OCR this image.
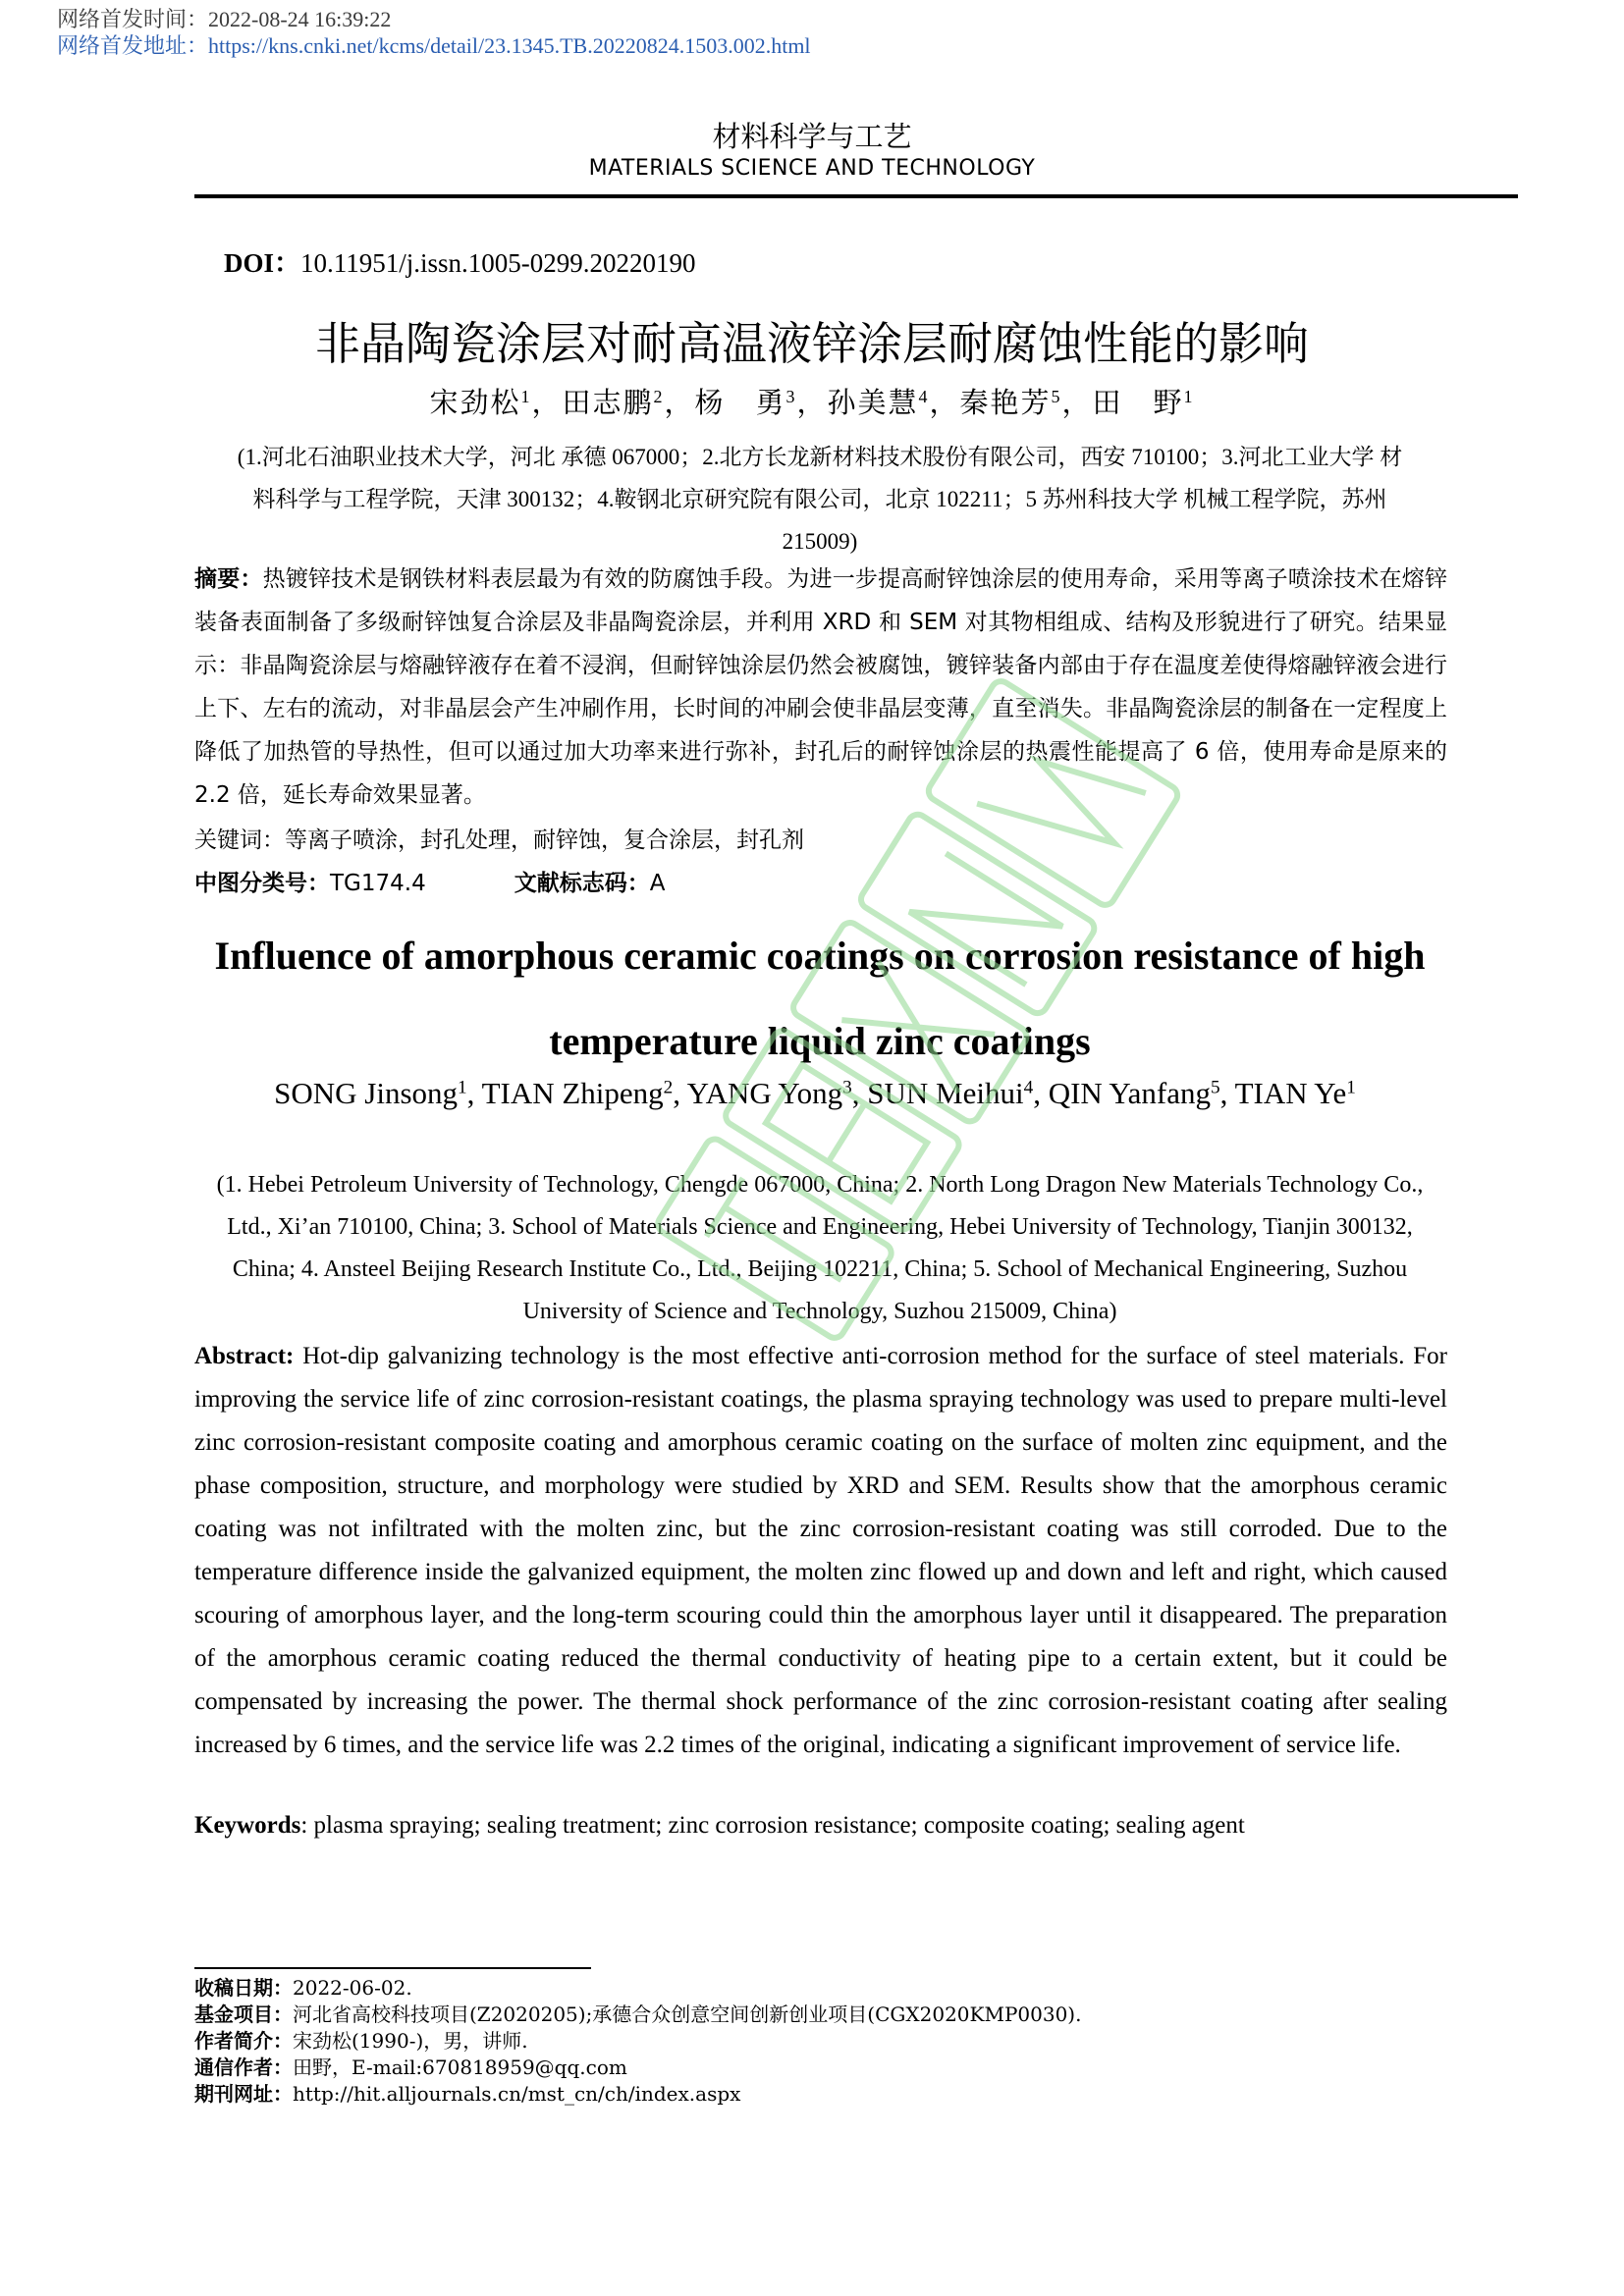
网络首发时间：2022-08-24 16:39:22
网络首发地址：https://kns.cnki.net/kcms/detail/23.1345.TB.20220824.1503.002.html
材料科学与工艺
MATERIALS SCIENCE AND TECHNOLOGY
DOI：10.11951/j.issn.1005-0299.20220190
非晶陶瓷涂层对耐高温液锌涂层耐腐蚀性能的影响
宋劲松$^1$，田志鹏$^2$，杨　勇$^3$，孙美慧$^4$，秦艳芳$^5$，田　野$^1$
(1.河北石油职业技术大学，河北 承德 067000；2.北方长龙新材料技术股份有限公司，西安 710100；3.河北工业大学 材料科学与工程学院，天津 300132；4.鞍钢北京研究院有限公司，北京 102211；5 苏州科技大学 机械工程学院，苏州 215009)
摘要：热镀锌技术是钢铁材料表层最为有效的防腐蚀手段。为进一步提高耐锌蚀涂层的使用寿命，采用等离子喷涂技术在熔锌装备表面制备了多级耐锌蚀复合涂层及非晶陶瓷涂层，并利用 XRD 和 SEM 对其物相组成、结构及形貌进行了研究。结果显示：非晶陶瓷涂层与熔融锌液存在着不浸润，但耐锌蚀涂层仍然会被腐蚀，镀锌装备内部由于存在温度差使得熔融锌液会进行上下、左右的流动，对非晶层会产生冲刷作用，长时间的冲刷会使非晶层变薄，直至消失。非晶陶瓷涂层的制备在一定程度上降低了加热管的导热性，但可以通过加大功率来进行弥补，封孔后的耐锌蚀涂层的热震性能提高了 6 倍，使用寿命是原来的 2.2 倍，延长寿命效果显著。
关键词：等离子喷涂，封孔处理，耐锌蚀，复合涂层，封孔剂
中图分类号：TG174.4	文献标志码：A
Influence of amorphous ceramic coatings on corrosion resistance of high temperature liquid zinc coatings
SONG Jinsong$^1$, TIAN Zhipeng$^2$, YANG Yong$^3$, SUN Meihui$^4$, QIN Yanfang$^5$, TIAN Ye$^1$
(1. Hebei Petroleum University of Technology, Chengde 067000, China; 2. North Long Dragon New Materials Technology Co., Ltd., Xi’an 710100, China; 3. School of Materials Science and Engineering, Hebei University of Technology, Tianjin 300132, China; 4. Ansteel Beijing Research Institute Co., Ltd., Beijing 102211, China; 5. School of Mechanical Engineering, Suzhou University of Science and Technology, Suzhou 215009, China)
Abstract: Hot-dip galvanizing technology is the most effective anti-corrosion method for the surface of steel materials. For improving the service life of zinc corrosion-resistant coatings, the plasma spraying technology was used to prepare multi-level zinc corrosion-resistant composite coating and amorphous ceramic coating on the surface of molten zinc equipment, and the phase composition, structure, and morphology were studied by XRD and SEM. Results show that the amorphous ceramic coating was not infiltrated with the molten zinc, but the zinc corrosion-resistant coating was still corroded. Due to the temperature difference inside the galvanized equipment, the molten zinc flowed up and down and left and right, which caused scouring of amorphous layer, and the long-term scouring could thin the amorphous layer until it disappeared. The preparation of the amorphous ceramic coating reduced the thermal conductivity of heating pipe to a certain extent, but it could be compensated by increasing the power. The thermal shock performance of the zinc corrosion-resistant coating after sealing increased by 6 times, and the service life was 2.2 times of the original, indicating a significant improvement of service life.
Keywords: plasma spraying; sealing treatment; zinc corrosion resistance; composite coating; sealing agent
收稿日期：2022-06-02.
基金项目：河北省高校科技项目(Z2020205);承德合众创意空间创新创业项目(CGX2020KMP0030).
作者简介：宋劲松(1990-)，男，讲师.
通信作者：田野，E-mail:670818959@qq.com
期刊网址：http://hit.alljournals.cn/mst_cn/ch/index.aspx
